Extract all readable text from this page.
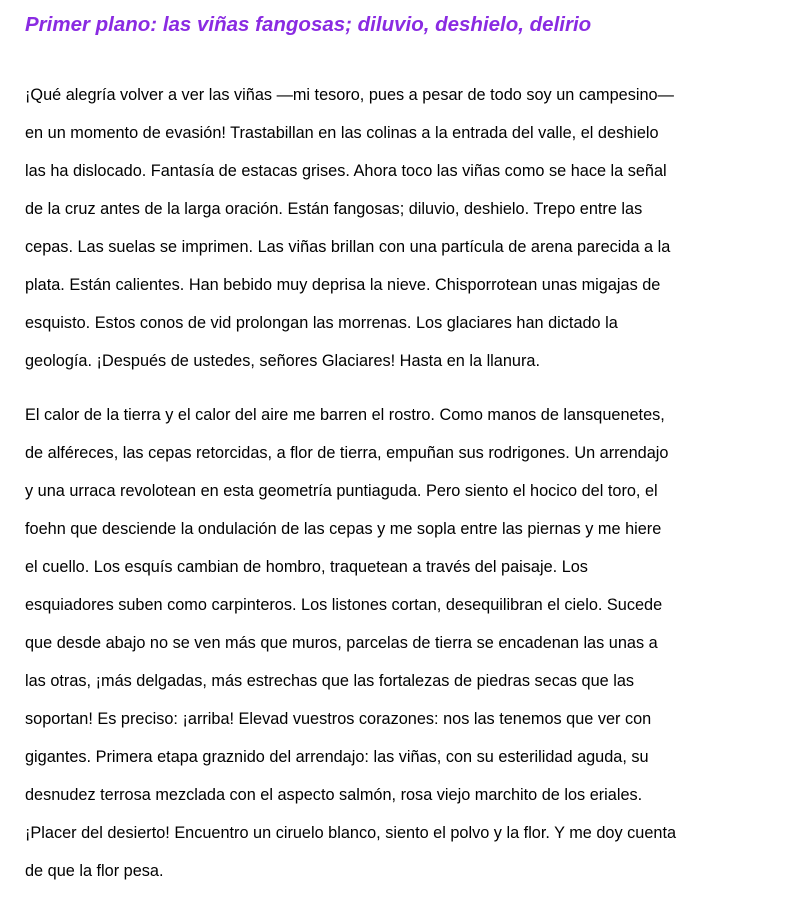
Primer plano: las viñas fangosas; diluvio, deshielo, delirio

¡Qué alegría volver a ver las viñas —mi tesoro, pues a pesar de todo soy un campesino—
en un momento de evasión! Trastabillan en las colinas a la entrada del valle, el deshielo
las ha dislocado. Fantasía de estacas grises. Ahora toco las viñas como se hace la señal
de la cruz antes de la larga oración. Están fangosas; diluvio, deshielo. Trepo entre las
cepas. Las suelas se imprimen. Las viñas brillan con una partícula de arena parecida a la
plata. Están calientes. Han bebido muy deprisa la nieve. Chisporrotean unas migajas de
esquisto. Estos conos de vid prolongan las morrenas. Los glaciares han dictado la
geología. ¡Después de ustedes, señores Glaciares! Hasta en la llanura.

El calor de la tierra y el calor del aire me barren el rostro. Como manos de lansquenetes,
de alféreces, las cepas retorcidas, a flor de tierra, empuñan sus rodrigones. Un arrendajo
y una urraca revolotean en esta geometría puntiaguda. Pero siento el hocico del toro, el
foehn que desciende la ondulación de las cepas y me sopla entre las piernas y me hiere
el cuello. Los esquís cambian de hombro, traquetean a través del paisaje. Los
esquiadores suben como carpinteros. Los listones cortan, desequilibran el cielo. Sucede
que desde abajo no se ven más que muros, parcelas de tierra se encadenan las unas a
las otras, ¡más delgadas, más estrechas que las fortalezas de piedras secas que las
soportan! Es preciso: ¡arriba! Elevad vuestros corazones: nos las tenemos que ver con
gigantes. Primera etapa graznido del arrendajo: las viñas, con su esterilidad aguda, su
desnudez terrosa mezclada con el aspecto salmón, rosa viejo marchito de los eriales.
¡Placer del desierto! Encuentro un ciruelo blanco, siento el polvo y la flor. Y me doy cuenta
de que la flor pesa.
